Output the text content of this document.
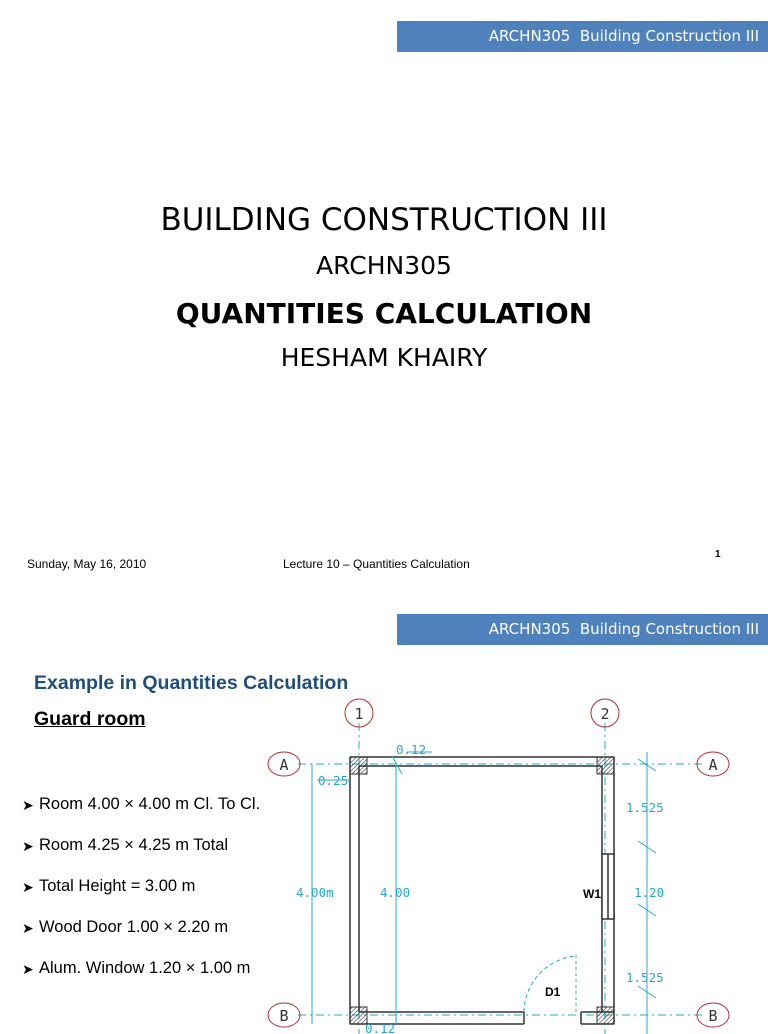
ARCHN305  Building Construction III
BUILDING CONSTRUCTION III
ARCHN305
QUANTITIES CALCULATION
HESHAM KHAIRY
Sunday, May 16, 2010	Lecture 10 – Quantities Calculation
1
ARCHN305  Building Construction III
Example in Quantities Calculation
Guard room
➤ Room 4.00 × 4.00 m Cl. To Cl.
➤ Room 4.25 × 4.25 m Total
➤ Total Height = 3.00 m
➤ Wood Door 1.00 × 2.20 m
➤ Alum. Window 1.20 × 1.00 m
1	2
A	A
B	B
0.12
0.25
4.00m	4.00
1.525
1.20
1.525
0.12
W1
D1
